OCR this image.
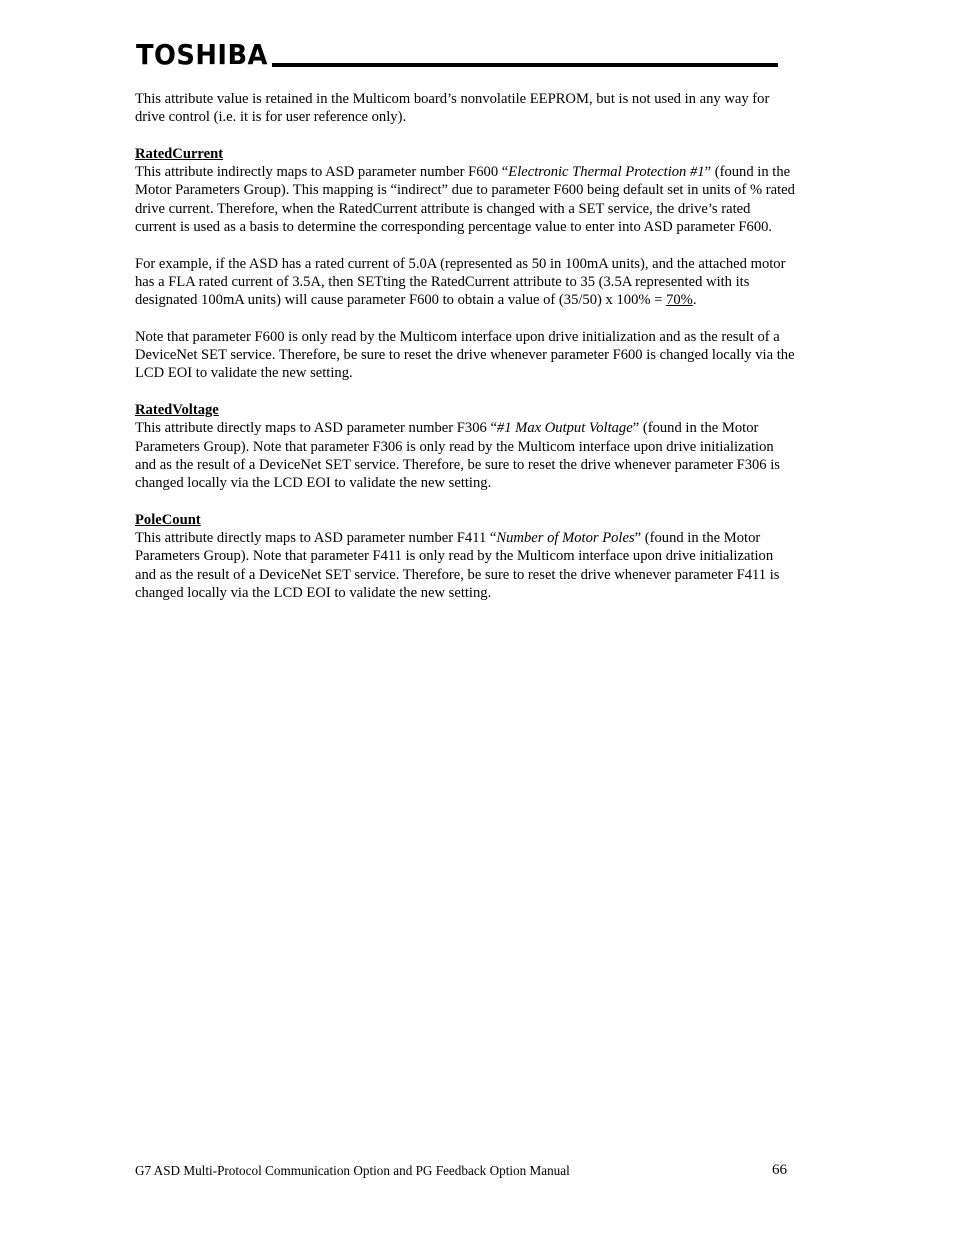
TOSHIBA

This attribute value is retained in the Multicom board’s nonvolatile EEPROM, but is not used in any way for drive control (i.e. it is for user reference only).

RatedCurrent

This attribute indirectly maps to ASD parameter number F600 “Electronic Thermal Protection #1” (found in the Motor Parameters Group). This mapping is “indirect” due to parameter F600 being default set in units of % rated drive current. Therefore, when the RatedCurrent attribute is changed with a SET service, the drive’s rated current is used as a basis to determine the corresponding percentage value to enter into ASD parameter F600.

For example, if the ASD has a rated current of 5.0A (represented as 50 in 100mA units), and the attached motor has a FLA rated current of 3.5A, then SETting the RatedCurrent attribute to 35 (3.5A represented with its designated 100mA units) will cause parameter F600 to obtain a value of (35/50) x 100% = 70%.

Note that parameter F600 is only read by the Multicom interface upon drive initialization and as the result of a DeviceNet SET service. Therefore, be sure to reset the drive whenever parameter F600 is changed locally via the LCD EOI to validate the new setting.

RatedVoltage

This attribute directly maps to ASD parameter number F306 “#1 Max Output Voltage” (found in the Motor Parameters Group). Note that parameter F306 is only read by the Multicom interface upon drive initialization and as the result of a DeviceNet SET service. Therefore, be sure to reset the drive whenever parameter F306 is changed locally via the LCD EOI to validate the new setting.

PoleCount

This attribute directly maps to ASD parameter number F411 “Number of Motor Poles” (found in the Motor Parameters Group). Note that parameter F411 is only read by the Multicom interface upon drive initialization and as the result of a DeviceNet SET service. Therefore, be sure to reset the drive whenever parameter F411 is changed locally via the LCD EOI to validate the new setting.

G7 ASD Multi-Protocol Communication Option and PG Feedback Option Manual	66
